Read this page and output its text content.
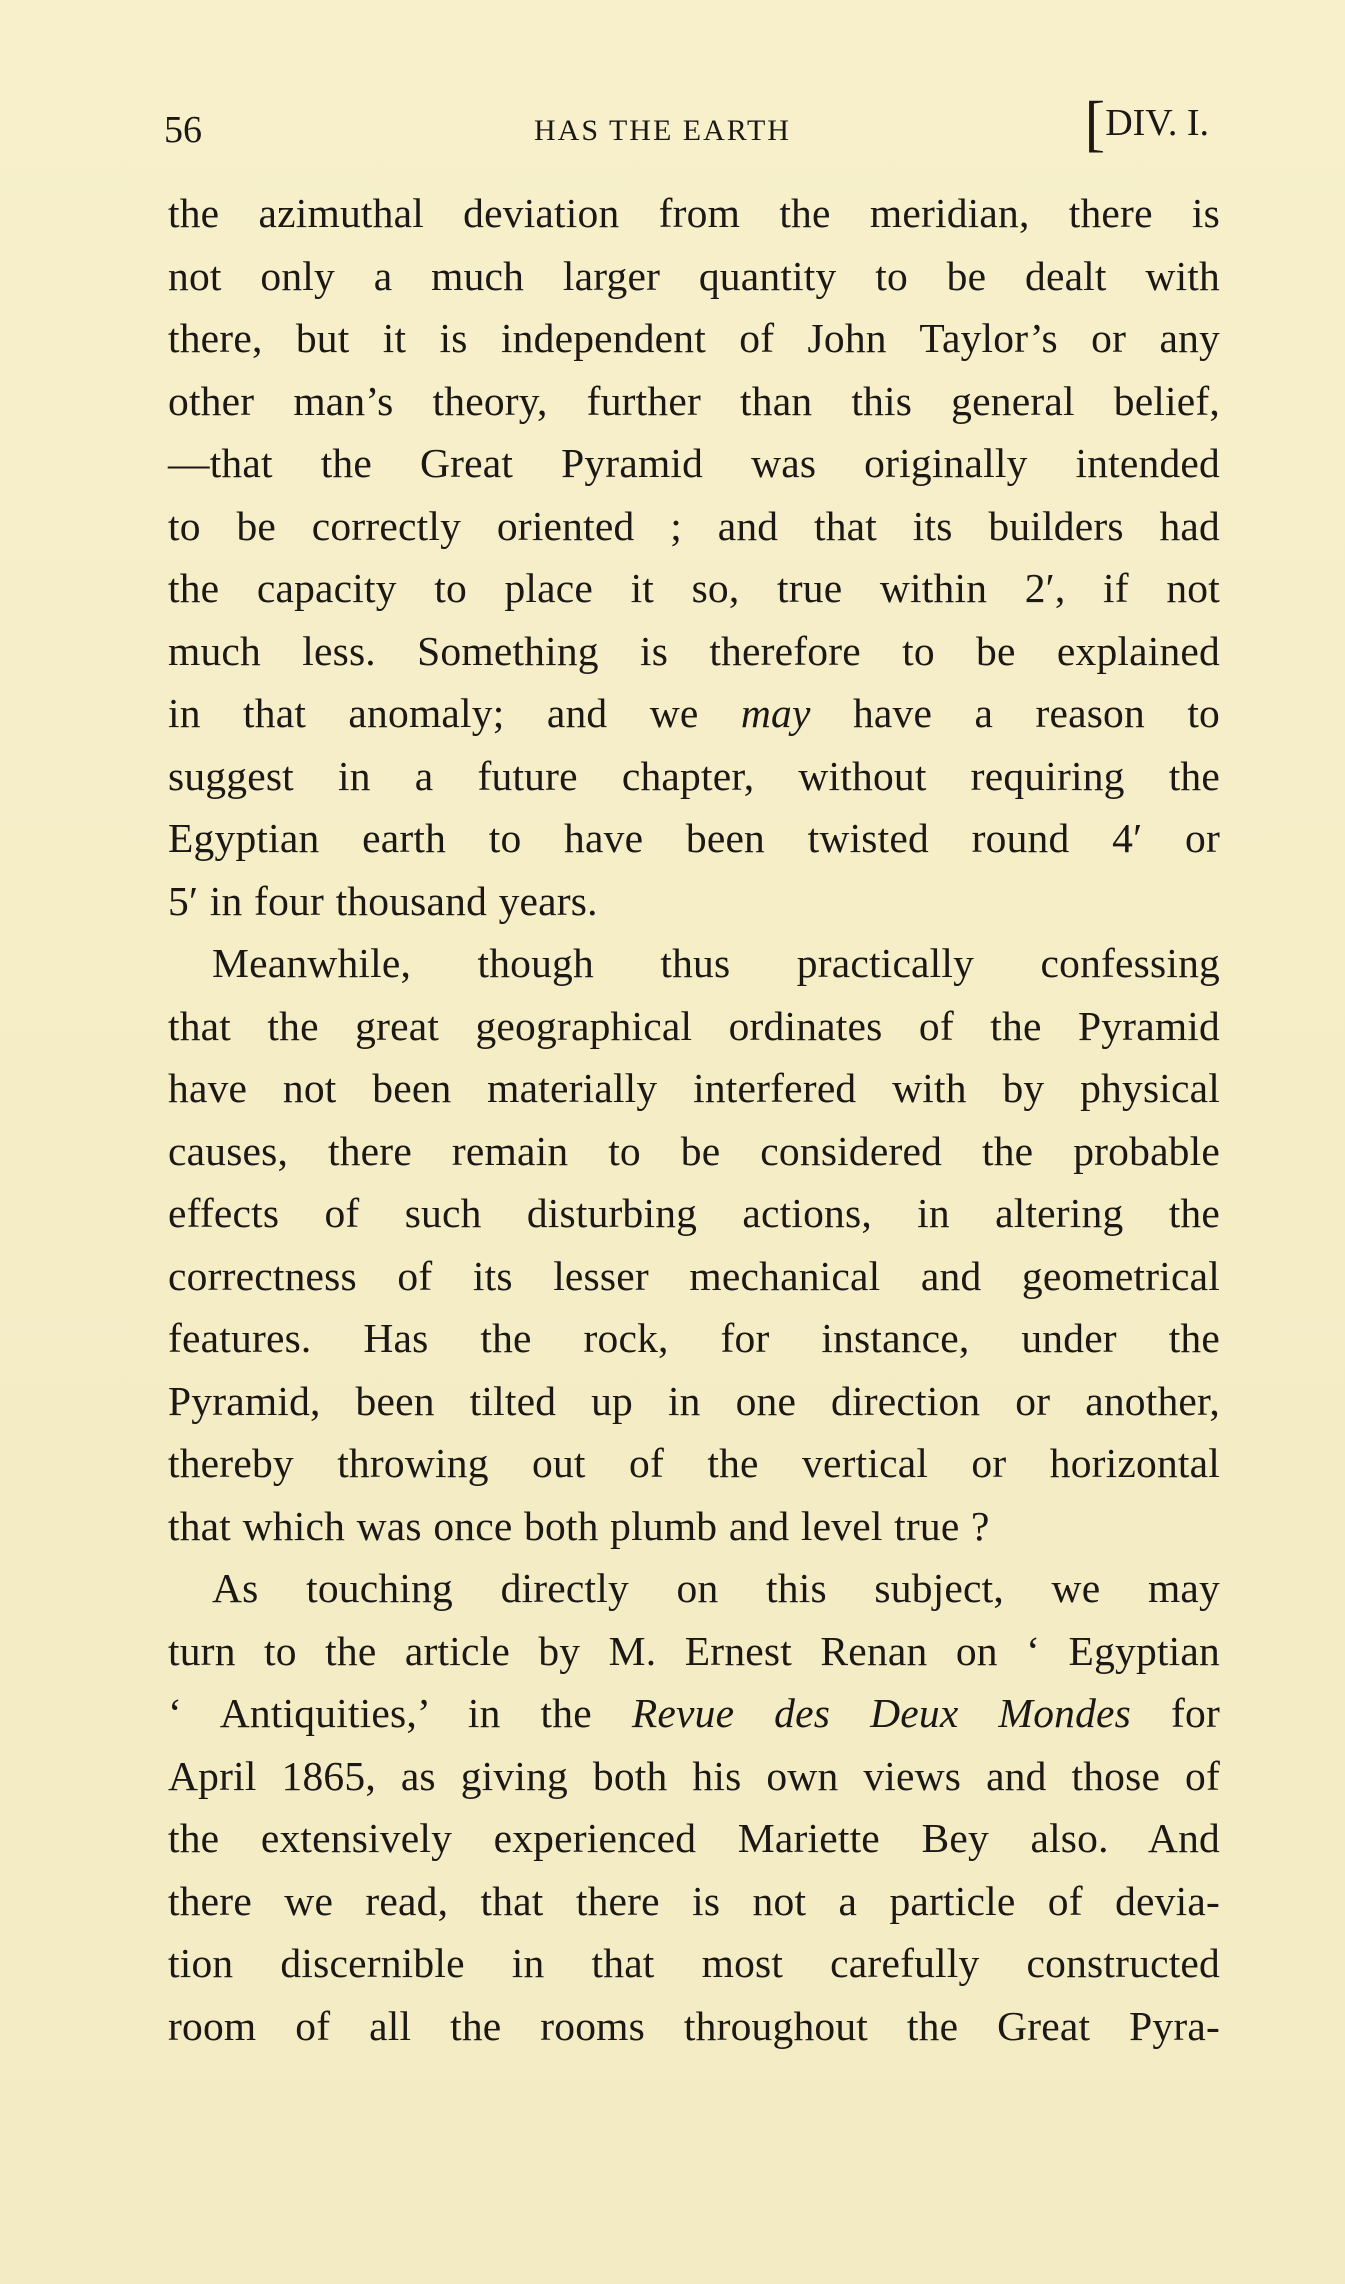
56	HAS THE EARTH	[DIV. I.

the azimuthal deviation from the meridian, there is
not only a much larger quantity to be dealt with
there, but it is independent of John Taylor’s or any
other man’s theory, further than this general belief,
—that the Great Pyramid was originally intended
to be correctly oriented ; and that its builders had
the capacity to place it so, true within 2′, if not
much less. Something is therefore to be explained
in that anomaly; and we may have a reason to
suggest in a future chapter, without requiring the
Egyptian earth to have been twisted round 4′ or
5′ in four thousand years.

Meanwhile, though thus practically confessing
that the great geographical ordinates of the Pyramid
have not been materially interfered with by physical
causes, there remain to be considered the probable
effects of such disturbing actions, in altering the
correctness of its lesser mechanical and geometrical
features. Has the rock, for instance, under the
Pyramid, been tilted up in one direction or another,
thereby throwing out of the vertical or horizontal
that which was once both plumb and level true ?

As touching directly on this subject, we may
turn to the article by M. Ernest Renan on ‘ Egyptian
‘ Antiquities,’ in the Revue des Deux Mondes for
April 1865, as giving both his own views and those of
the extensively experienced Mariette Bey also. And
there we read, that there is not a particle of devia-
tion discernible in that most carefully constructed
room of all the rooms throughout the Great Pyra-
